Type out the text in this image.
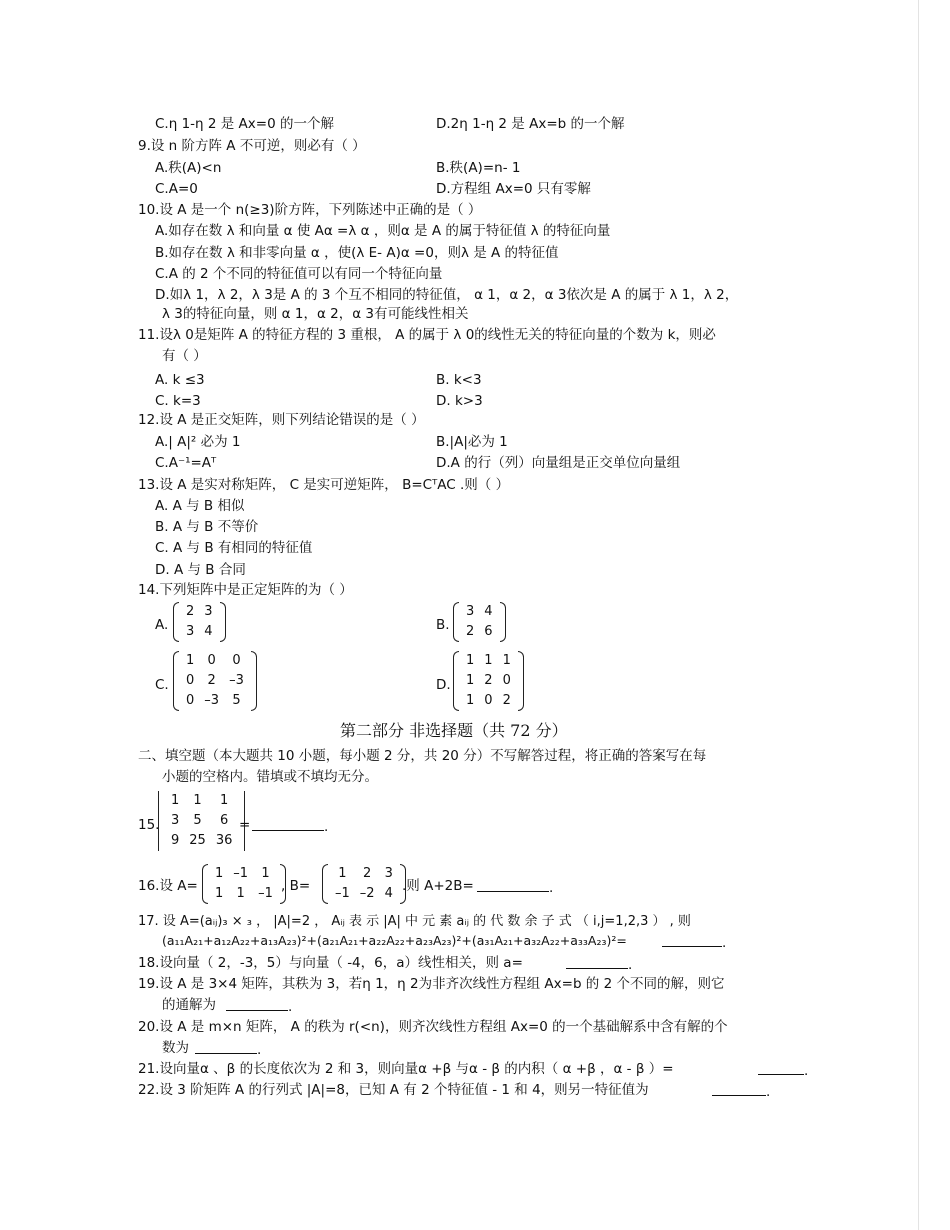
C.η 1-η 2 是 Ax=0 的一个解	D.2η 1-η 2 是 Ax=b 的一个解
9.设 n 阶方阵 A 不可逆，则必有（ ）
A.秩(A)<n	B.秩(A)=n- 1
C.A=0	D.方程组 Ax=0 只有零解
10.设 A 是一个 n(≥3)阶方阵，下列陈述中正确的是（ ）
A.如存在数 λ 和向量 α 使 Aα =λ α ，则α 是 A 的属于特征值 λ 的特征向量
B.如存在数 λ 和非零向量 α ，使(λ E- A)α =0，则λ 是 A 的特征值
C.A 的 2 个不同的特征值可以有同一个特征向量
D.如λ 1，λ 2，λ 3是 A 的 3 个互不相同的特征值， α 1，α 2，α 3依次是 A 的属于 λ 1，λ 2，
λ 3的特征向量，则 α 1，α 2，α 3有可能线性相关
11.设λ 0是矩阵 A 的特征方程的 3 重根， A 的属于 λ 0的线性无关的特征向量的个数为 k，则必
有（ ）
A. k ≤3	B. k<3
C. k=3	D. k>3
12.设 A 是正交矩阵，则下列结论错误的是（ ）
A.| A|² 必为 1	B.|A|必为 1
C.A⁻¹=Aᵀ	D.A 的行（列）向量组是正交单位向量组
13.设 A 是实对称矩阵， C 是实可逆矩阵， B=CᵀAC .则（ ）
A. A 与 B 相似
B. A 与 B 不等价
C. A 与 B 有相同的特征值
D. A 与 B 合同
14.下列矩阵中是正定矩阵的为（ ）
A.
2	3
3	4	B.
3	4
2	6
C.
1	0	0
0	2	–3
0	–3	5
D.
1	1	1
1	2	0
1	0	2
第二部分 非选择题（共 72 分）
二、填空题（本大题共 10 小题，每小题 2 分，共 20 分）不写解答过程，将正确的答案写在每
小题的空格内。错填或不填均无分。
15.
1	1	1
3	5	6
9	25	36
=	.
16.设 A=
1	–1	1
1	1	–1 , B=
1	2	3
–1	–2	4 .则 A+2B=	.
17. 设 A=(aᵢⱼ)₃ × ₃ ， |A|=2 ， Aᵢⱼ 表 示 |A| 中 元 素 aᵢⱼ 的 代 数 余 子 式 （ i,j=1,2,3 ） , 则
(a₁₁A₂₁+a₁₂A₂₂+a₁₃A₂₃)²+(a₂₁A₂₁+a₂₂A₂₂+a₂₃A₂₃)²+(a₃₁A₂₁+a₃₂A₂₂+a₃₃A₂₃)²=	.
18.设向量（ 2，-3，5）与向量（ -4，6，a）线性相关，则 a=	.
19.设 A 是 3×4 矩阵，其秩为 3，若η 1，η 2为非齐次线性方程组 Ax=b 的 2 个不同的解，则它
的通解为	.
20.设 A 是 m×n 矩阵， A 的秩为 r(<n)，则齐次线性方程组 Ax=0 的一个基础解系中含有解的个
数为	.
21.设向量α 、β 的长度依次为 2 和 3，则向量α +β 与α - β 的内积（ α +β ，α - β ）=	.
22.设 3 阶矩阵 A 的行列式 |A|=8，已知 A 有 2 个特征值 - 1 和 4，则另一特征值为	.
